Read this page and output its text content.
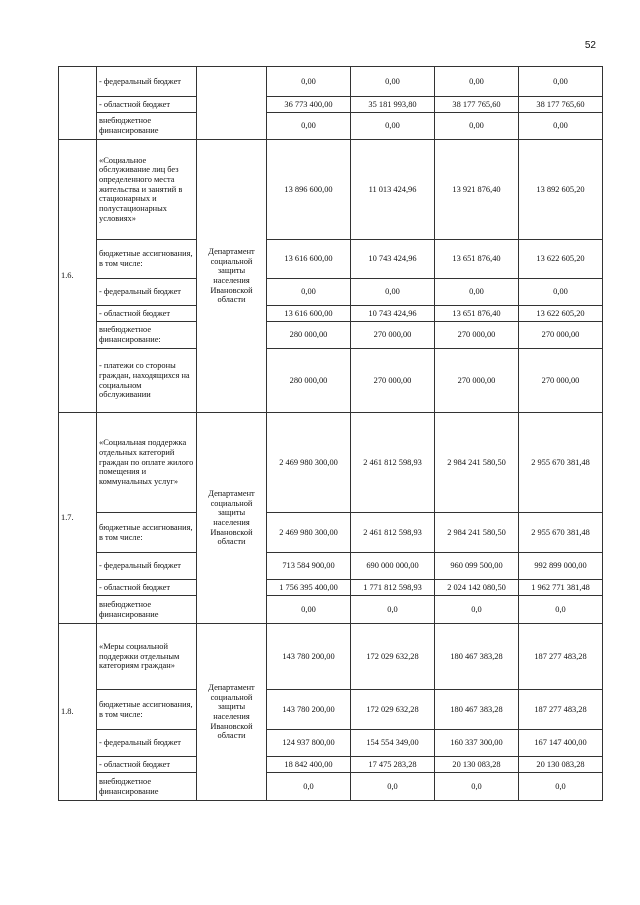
52
	- федеральный бюджет		0,00	0,00	0,00	0,00
	- областной бюджет		36 773 400,00	35 181 993,80	38 177 765,60	38 177 765,60
	внебюджетное финансирование		0,00	0,00	0,00	0,00
1.6.	«Социальное обслуживание лиц без определенного места жительства и занятий в стационарных и полустационарных условиях»	Департамент социальной защиты населения Ивановской области	13 896 600,00	11 013 424,96	13 921 876,40	13 892 605,20
	бюджетные ассигнования, в том числе:		13 616 600,00	10 743 424,96	13 651 876,40	13 622 605,20
	- федеральный бюджет		0,00	0,00	0,00	0,00
	- областной бюджет		13 616 600,00	10 743 424,96	13 651 876,40	13 622 605,20
	внебюджетное финансирование:		280 000,00	270 000,00	270 000,00	270 000,00
	- платежи со стороны граждан, находящихся на социальном обслуживании		280 000,00	270 000,00	270 000,00	270 000,00
1.7.	«Социальная поддержка отдельных категорий граждан по оплате жилого помещения и коммунальных услуг»	Департамент социальной защиты населения Ивановской области	2 469 980 300,00	2 461 812 598,93	2 984 241 580,50	2 955 670 381,48
	бюджетные ассигнования, в том числе:		2 469 980 300,00	2 461 812 598,93	2 984 241 580,50	2 955 670 381,48
	- федеральный бюджет		713 584 900,00	690 000 000,00	960 099 500,00	992 899 000,00
	- областной бюджет		1 756 395 400,00	1 771 812 598,93	2 024 142 080,50	1 962 771 381,48
	внебюджетное финансирование		0,00	0,0	0,0	0,0
1.8.	«Меры социальной поддержки отдельным категориям граждан»	Департамент социальной защиты населения Ивановской области	143 780 200,00	172 029 632,28	180 467 383,28	187 277 483,28
	бюджетные ассигнования, в том числе:		143 780 200,00	172 029 632,28	180 467 383,28	187 277 483,28
	- федеральный бюджет		124 937 800,00	154 554 349,00	160 337 300,00	167 147 400,00
	- областной бюджет		18 842 400,00	17 475 283,28	20 130 083,28	20 130 083,28
	внебюджетное финансирование		0,0	0,0	0,0	0,0
